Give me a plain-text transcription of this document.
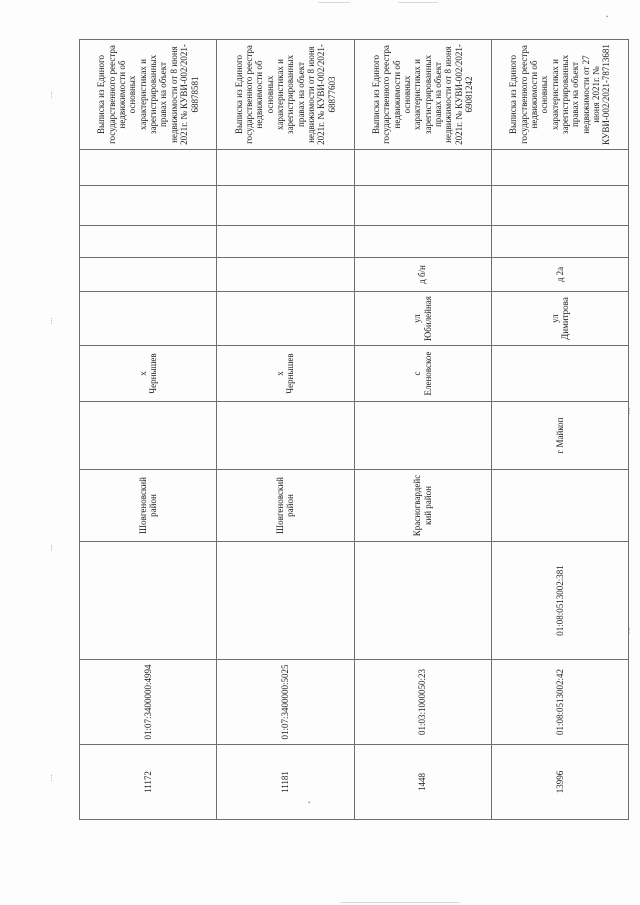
•
⋮
⋮
⋮
⋮
⋮
⋮
•
11172	01:07:3400000:4994		Шовгеновский район		х Чернышев						Выписка из Единого государственного реестра недвижимости об основных характеристиках и зарегистрированных правах на объект недвижимости от 8 июня 2021г. № КУВИ-002/2021-68878581
11181	01:07:3400000:5025		Шовгеновский район		х Чернышев						Выписка из Единого государственного реестра недвижимости об основных характеристиках и зарегистрированных правах на объект недвижимости от 8 июня 2021г. № КУВИ-002/2021-68877603
1448	01:03:1000050:23		Красногвардейский район		с Еленовское	ул Юбилейная	д б/н				Выписка из Единого государственного реестра недвижимости об основных характеристиках и зарегистрированных правах на объект недвижимости от 8 июня 2021г. № КУВИ-002/2021-69081242
13996	01:08:0513002:42	01:08:0513002:381		г Майкоп		ул Димитрова	д 2а				Выписка из Единого государственного реестра недвижимости об основных характеристиках и зарегистрированных правах на объект недвижимости от 27 июня 2021г. № КУВИ-002/2021-78713681
